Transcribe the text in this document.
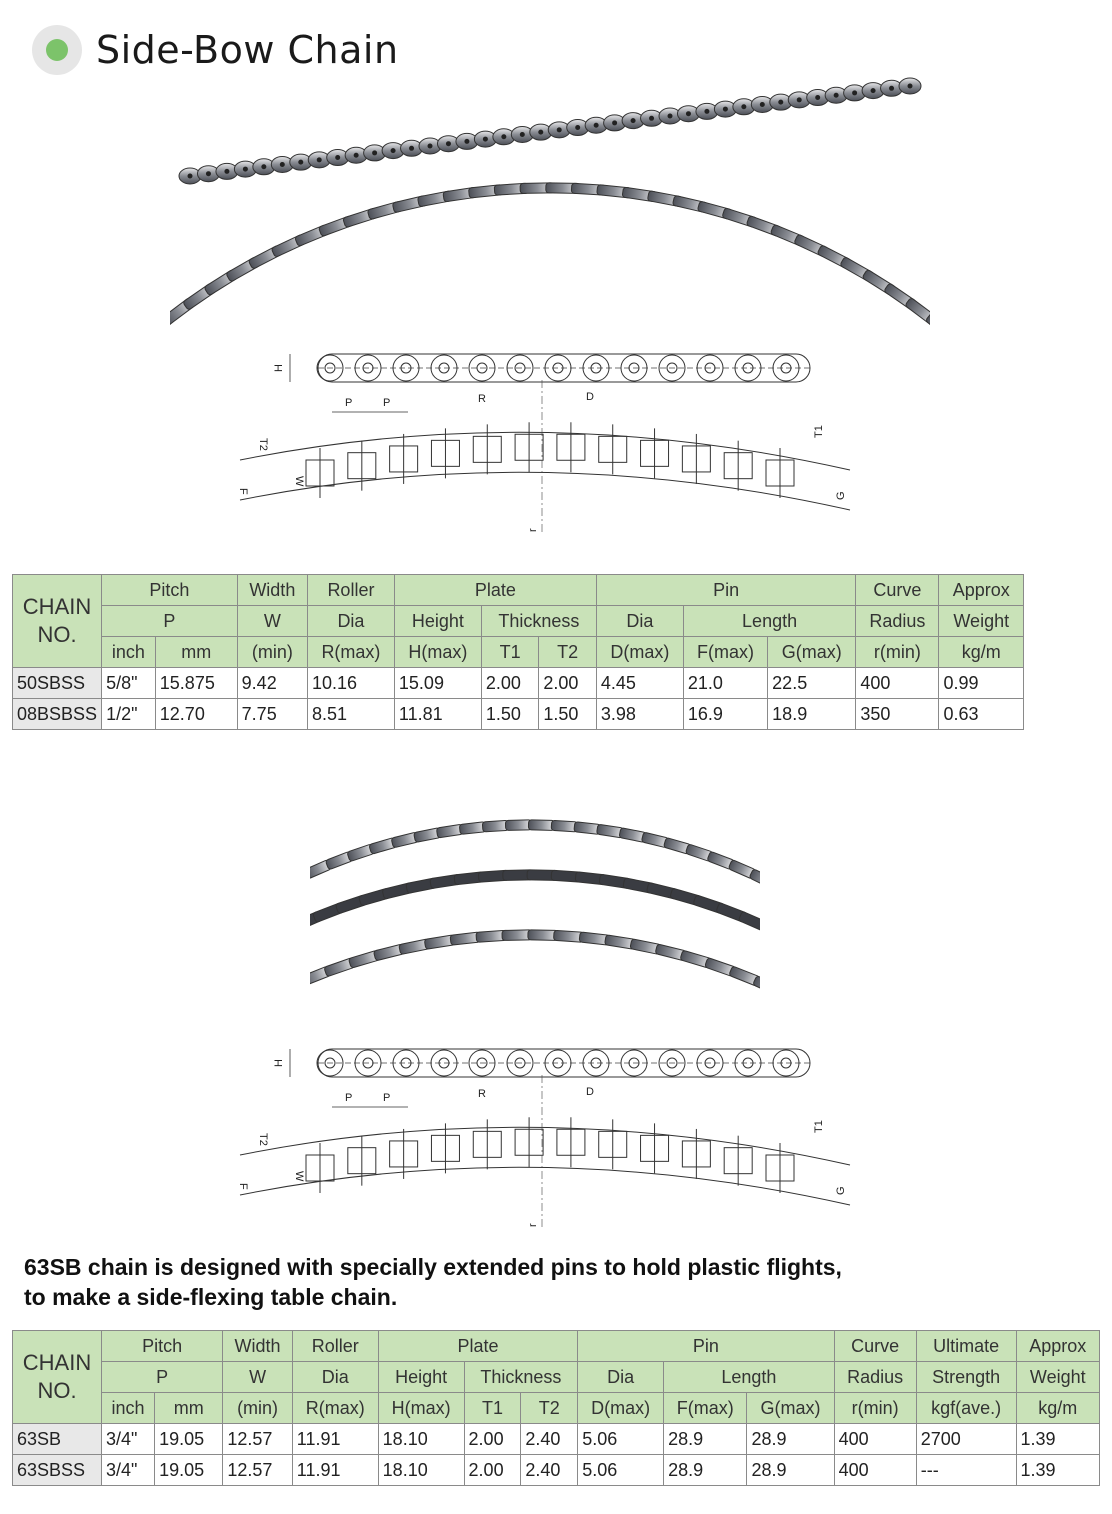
Side-Bow Chain
H
P	P	R	D
T2
T1
W
F
G
r
CHAIN
NO.	Pitch		Width	Roller	Plate			Pin			Curve	Approx
	P		W	Dia	Height	Thickness		Dia	Length		Radius	Weight
	inch	mm	(min)	R(max)	H(max)	T1	T2	D(max)	F(max)	G(max)	r(min)	kg/m
50SBSS	5/8"	15.875	9.42	10.16	15.09	2.00	2.00	4.45	21.0	22.5	400	0.99
08BSBSS	1/2"	12.70	7.75	8.51	11.81	1.50	1.50	3.98	16.9	18.9	350	0.63
H
P	P	R	D
T2
T1
W
F
G
r
63SB chain is designed with specially extended pins to hold plastic flights,
to make a side-flexing table chain.
CHAIN
NO.	Pitch		Width	Roller	Plate			Pin			Curve	Ultimate	Approx
	P		W	Dia	Height	Thickness		Dia	Length		Radius	Strength	Weight
	inch	mm	(min)	R(max)	H(max)	T1	T2	D(max)	F(max)	G(max)	r(min)	kgf(ave.)	kg/m
63SB	3/4"	19.05	12.57	11.91	18.10	2.00	2.40	5.06	28.9	28.9	400	2700	1.39
63SBSS	3/4"	19.05	12.57	11.91	18.10	2.00	2.40	5.06	28.9	28.9	400	---	1.39
